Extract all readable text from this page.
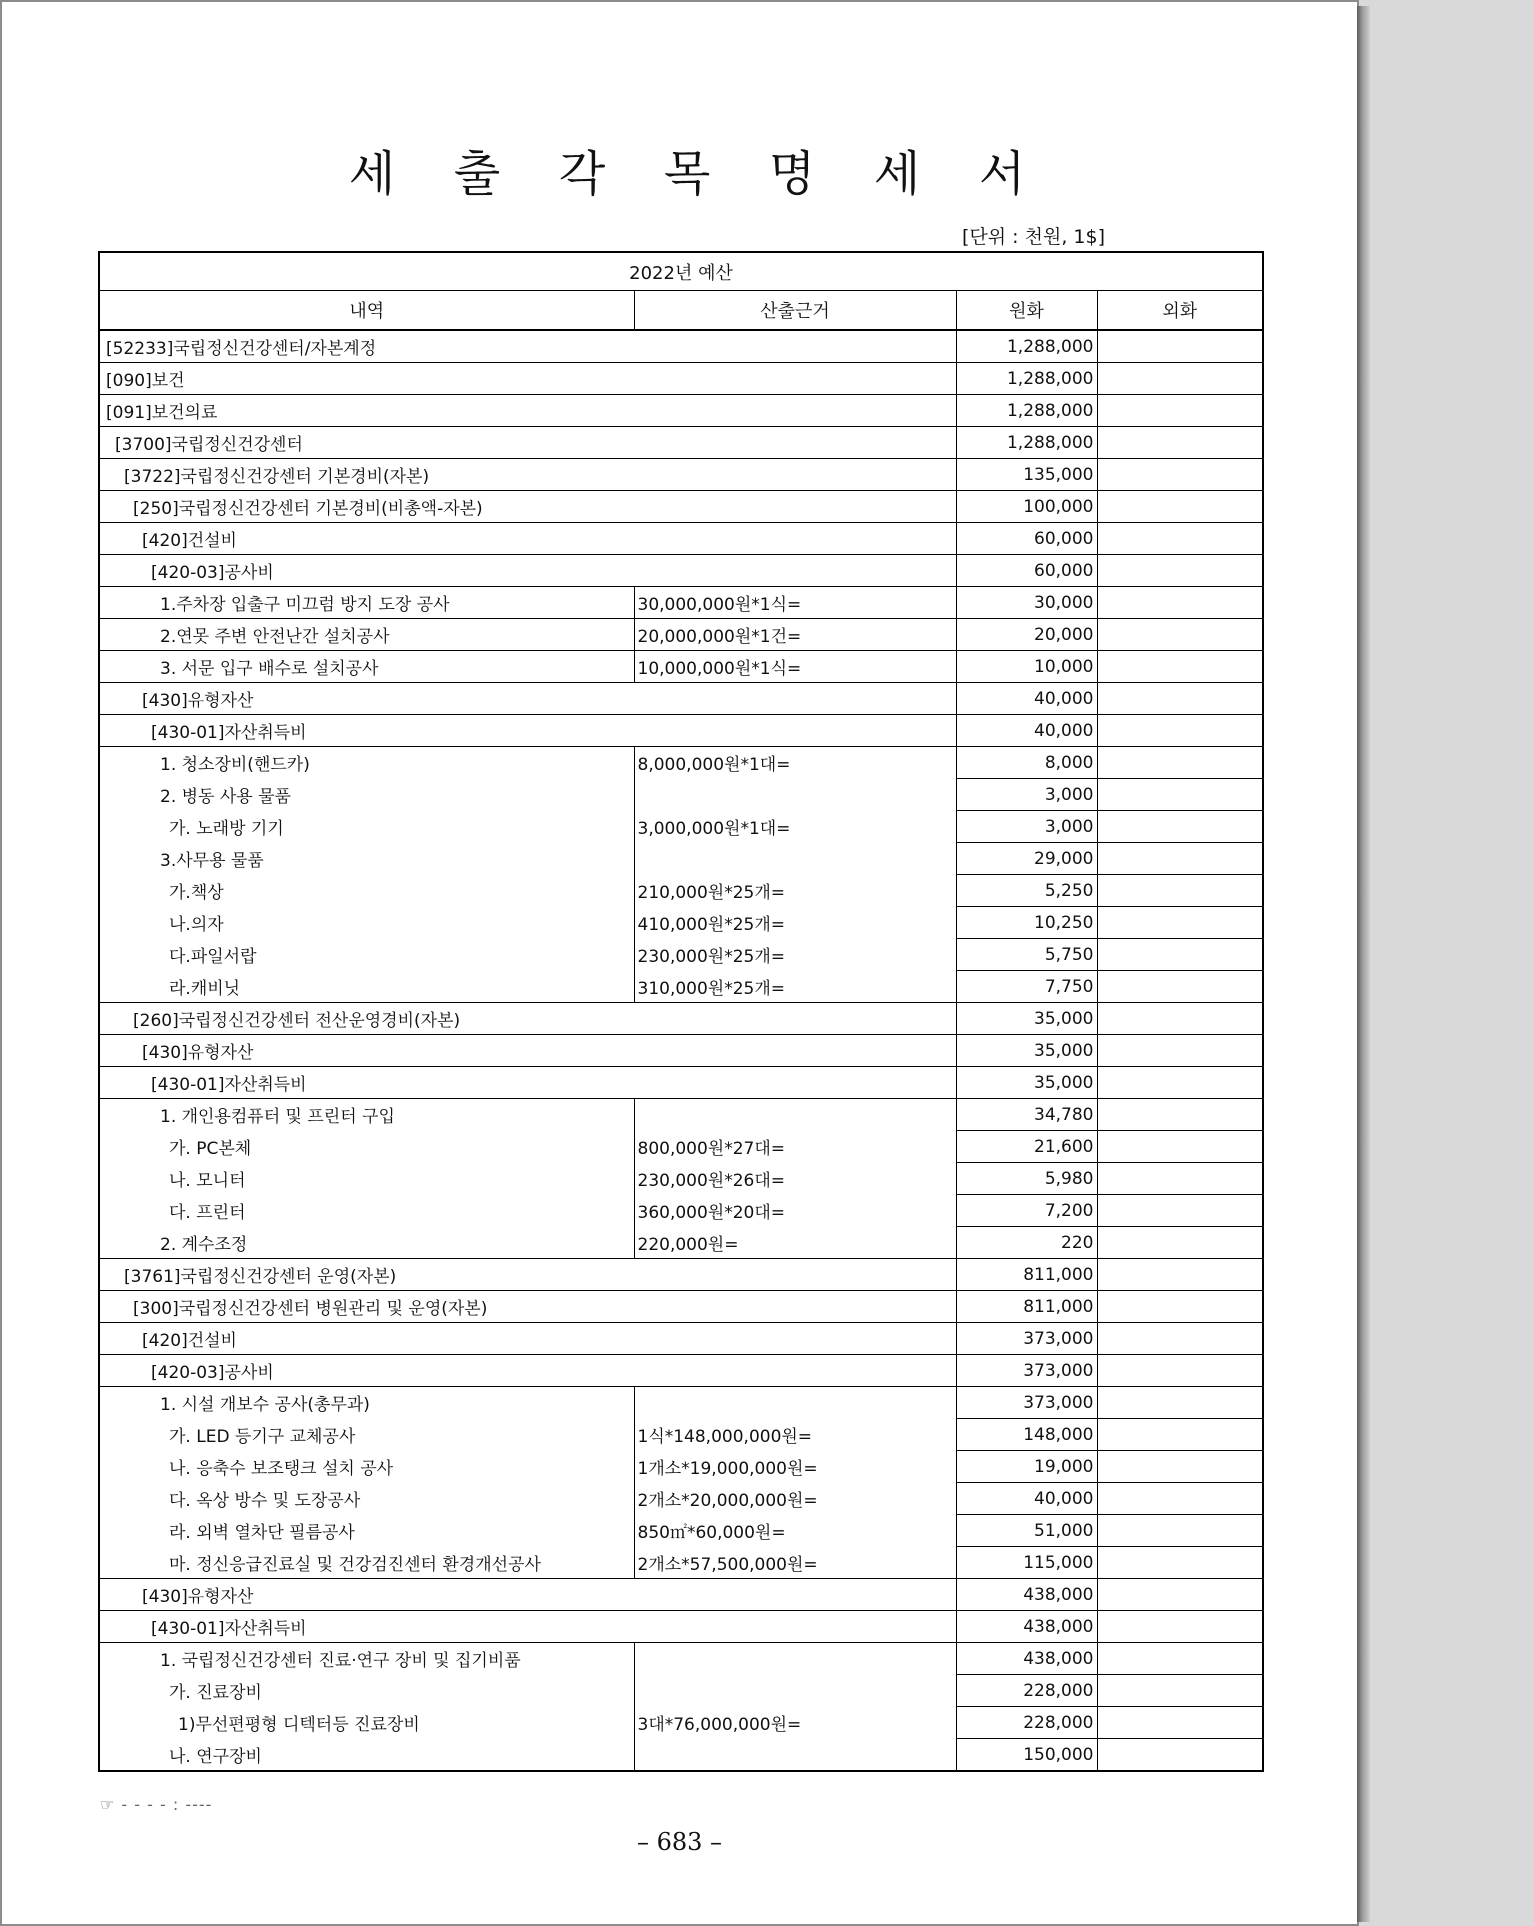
세 출 각 목 명 세 서
[단위 : 천원, 1$]
2022년 예산			
내역	산출근거	원화	외화
[52233]국립정신건강센터/자본계정		1,288,000	
[090]보건		1,288,000	
[091]보건의료		1,288,000	
[3700]국립정신건강센터		1,288,000	
[3722]국립정신건강센터 기본경비(자본)		135,000	
[250]국립정신건강센터 기본경비(비총액-자본)		100,000	
[420]건설비		60,000	
[420-03]공사비		60,000	
1.주차장 입출구 미끄럼 방지 도장 공사	30,000,000원*1식=	30,000	
2.연못 주변 안전난간 설치공사	20,000,000원*1건=	20,000	
3. 서문 입구 배수로 설치공사	10,000,000원*1식=	10,000	
[430]유형자산		40,000	
[430-01]자산취득비		40,000	
1. 청소장비(핸드카)	8,000,000원*1대=	8,000	
2. 병동 사용 물품		3,000	
가. 노래방 기기	3,000,000원*1대=	3,000	
3.사무용 물품		29,000	
가.책상	210,000원*25개=	5,250	
나.의자	410,000원*25개=	10,250	
다.파일서랍	230,000원*25개=	5,750	
라.캐비닛	310,000원*25개=	7,750	
[260]국립정신건강센터 전산운영경비(자본)		35,000	
[430]유형자산		35,000	
[430-01]자산취득비		35,000	
1. 개인용컴퓨터 및 프린터 구입		34,780	
가. PC본체	800,000원*27대=	21,600	
나. 모니터	230,000원*26대=	5,980	
다. 프린터	360,000원*20대=	7,200	
2. 계수조정	220,000원=	220	
[3761]국립정신건강센터 운영(자본)		811,000	
[300]국립정신건강센터 병원관리 및 운영(자본)		811,000	
[420]건설비		373,000	
[420-03]공사비		373,000	
1. 시설 개보수 공사(총무과)		373,000	
가. LED 등기구 교체공사	1식*148,000,000원=	148,000	
나. 응축수 보조탱크 설치 공사	1개소*19,000,000원=	19,000	
다. 옥상 방수 및 도장공사	2개소*20,000,000원=	40,000	
라. 외벽 열차단 필름공사	850㎡*60,000원=	51,000	
마. 정신응급진료실 및 건강검진센터 환경개선공사	2개소*57,500,000원=	115,000	
[430]유형자산		438,000	
[430-01]자산취득비		438,000	
1. 국립정신건강센터 진료·연구 장비 및 집기비품		438,000	
가. 진료장비		228,000	
1)무선편평형 디텍터등 진료장비	3대*76,000,000원=	228,000	
나. 연구장비		150,000	
☞ - - - - : ----
– 683 –
